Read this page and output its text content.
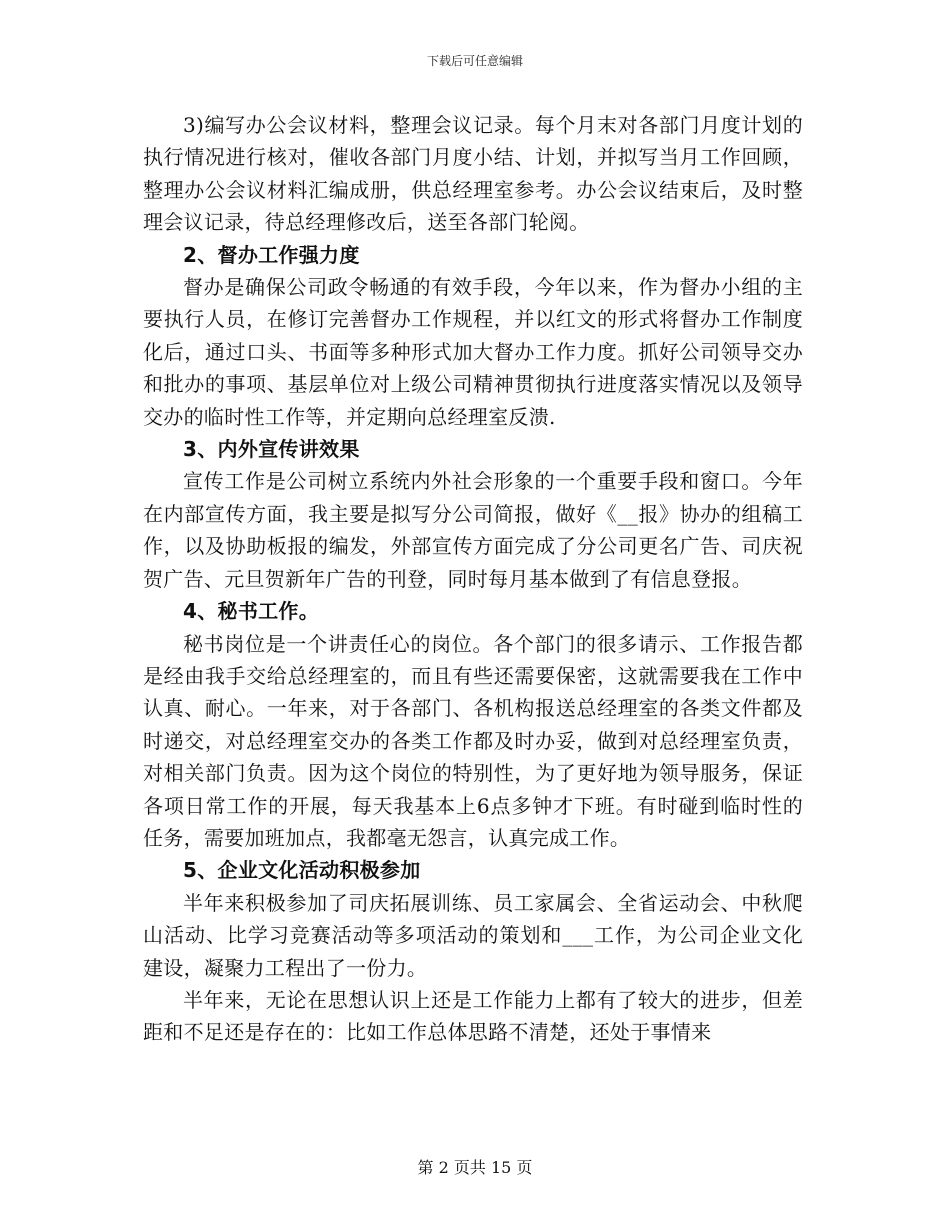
下载后可任意编辑

3)编写办公会议材料，整理会议记录。每个月末对各部门月度计划的执行情况进行核对，催收各部门月度小结、计划，并拟写当月工作回顾，整理办公会议材料汇编成册，供总经理室参考。办公会议结束后，及时整理会议记录，待总经理修改后，送至各部门轮阅。

2、督办工作强力度

督办是确保公司政令畅通的有效手段，今年以来，作为督办小组的主要执行人员，在修订完善督办工作规程，并以红文的形式将督办工作制度化后，通过口头、书面等多种形式加大督办工作力度。抓好公司领导交办和批办的事项、基层单位对上级公司精神贯彻执行进度落实情况以及领导交办的临时性工作等，并定期向总经理室反溃.

3、内外宣传讲效果

宣传工作是公司树立系统内外社会形象的一个重要手段和窗口。今年在内部宣传方面，我主要是拟写分公司简报，做好《__报》协办的组稿工作，以及协助板报的编发，外部宣传方面完成了分公司更名广告、司庆祝贺广告、元旦贺新年广告的刊登，同时每月基本做到了有信息登报。

4、秘书工作。

秘书岗位是一个讲责任心的岗位。各个部门的很多请示、工作报告都是经由我手交给总经理室的，而且有些还需要保密，这就需要我在工作中认真、耐心。一年来，对于各部门、各机构报送总经理室的各类文件都及时递交，对总经理室交办的各类工作都及时办妥，做到对总经理室负责，对相关部门负责。因为这个岗位的特别性，为了更好地为领导服务，保证各项日常工作的开展，每天我基本上6点多钟才下班。有时碰到临时性的任务，需要加班加点，我都毫无怨言，认真完成工作。

5、企业文化活动积极参加

半年来积极参加了司庆拓展训练、员工家属会、全省运动会、中秋爬山活动、比学习竞赛活动等多项活动的策划和___工作，为公司企业文化建设，凝聚力工程出了一份力。

半年来，无论在思想认识上还是工作能力上都有了较大的进步，但差距和不足还是存在的：比如工作总体思路不清楚，还处于事情来

第 2 页共 15 页
